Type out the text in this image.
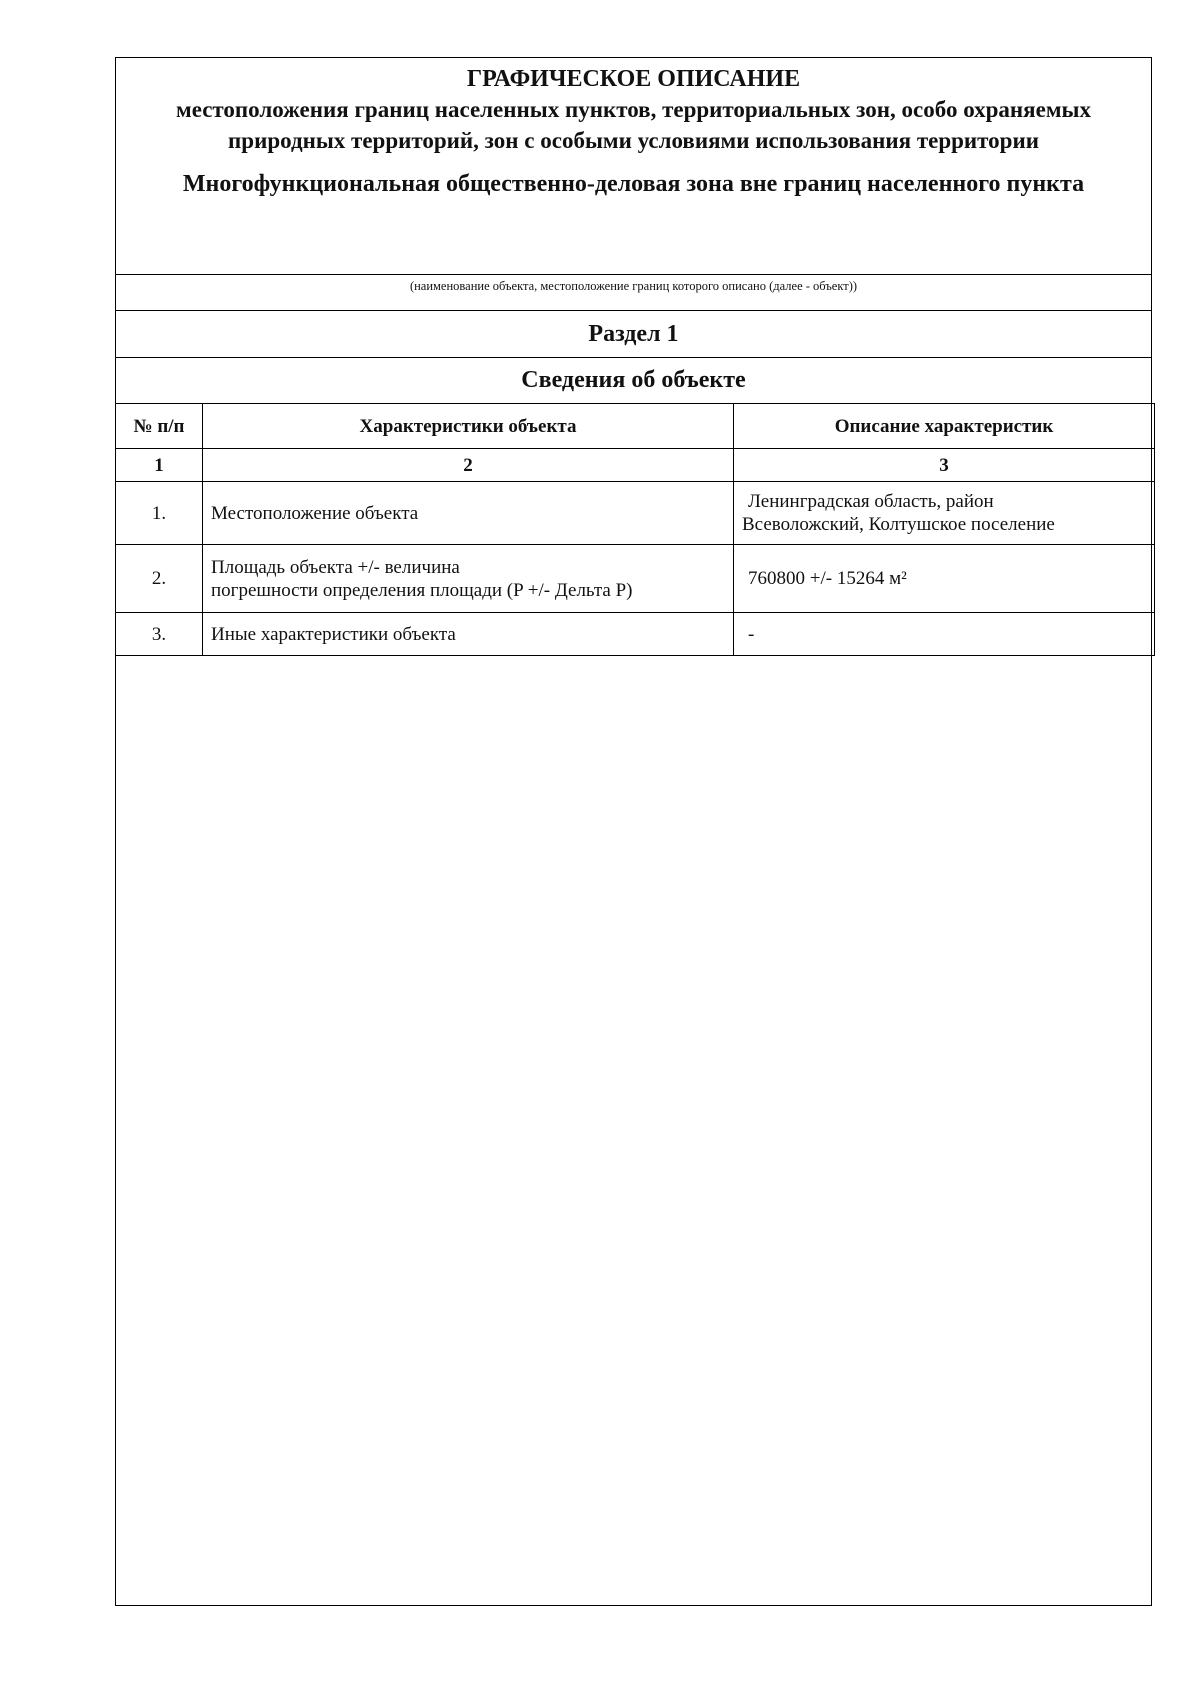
ГРАФИЧЕСКОЕ ОПИСАНИЕ
местоположения границ населенных пунктов, территориальных зон, особо охраняемых природных территорий, зон с особыми условиями использования территории
Многофункциональная общественно-деловая зона вне границ населенного пункта
(наименование объекта, местоположение границ которого описано (далее - объект))
Раздел 1
Сведения об объекте
№ п/п	Характеристики объекта	Описание характеристик
1	2	3
1.	Местоположение объекта	Ленинградская область, район
Всеволожский, Колтушское поселение

2.	Площадь объекта +/- величина
погрешности определения площади (P +/- Дельта P)	760800 +/- 15264 м²
3.	Иные характеристики объекта	-
